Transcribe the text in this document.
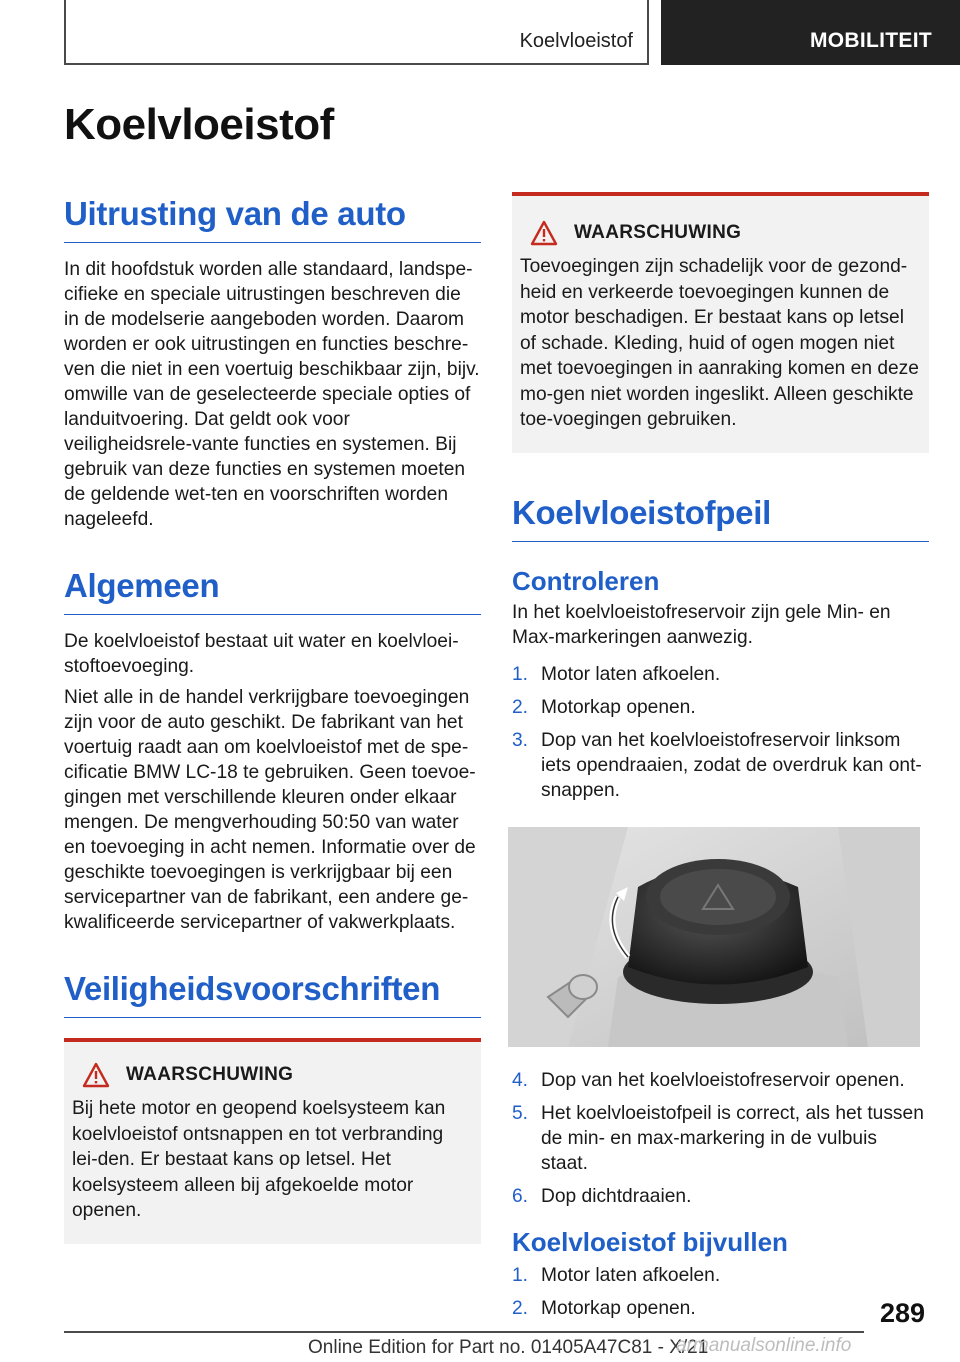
Koelvloeistof	MOBILITEIT
Koelvloeistof
Uitrusting van de auto

In dit hoofdstuk worden alle standaard, landspe-cifieke en speciale uitrustingen beschreven die in de modelserie aangeboden worden. Daarom worden er ook uitrustingen en functies beschre-ven die niet in een voertuig beschikbaar zijn, bijv. omwille van de geselecteerde speciale opties of landuitvoering. Dat geldt ook voor veiligheidsrele-vante functies en systemen. Bij gebruik van deze functies en systemen moeten de geldende wet-ten en voorschriften worden nageleefd.

Algemeen

De koelvloeistof bestaat uit water en koelvloei-stoftoevoeging.

Niet alle in de handel verkrijgbare toevoegingen zijn voor de auto geschikt. De fabrikant van het voertuig raadt aan om koelvloeistof met de spe-cificatie BMW LC-18 te gebruiken. Geen toevoe-gingen met verschillende kleuren onder elkaar mengen. De mengverhouding 50:50 van water en toevoeging in acht nemen. Informatie over de geschikte toevoegingen is verkrijgbaar bij een servicepartner van de fabrikant, een andere ge-kwalificeerde servicepartner of vakwerkplaats.

Veiligheidsvoorschriften
WAARSCHUWING

Bij hete motor en geopend koelsysteem kan koelvloeistof ontsnappen en tot verbranding lei-den. Er bestaat kans op letsel. Het koelsysteem alleen bij afgekoelde motor openen.

WAARSCHUWING

Toevoegingen zijn schadelijk voor de gezond-heid en verkeerde toevoegingen kunnen de motor beschadigen. Er bestaat kans op letsel of schade. Kleding, huid of ogen mogen niet met toevoegingen in aanraking komen en deze mo-gen niet worden ingeslikt. Alleen geschikte toe-voegingen gebruiken.

Koelvloeistofpeil
Controleren

In het koelvloeistofreservoir zijn gele Min- en Max-markeringen aanwezig.

1. Motor laten afkoelen.
2. Motorkap openen.
3. Dop van het koelvloeistofreservoir linksom iets opendraaien, zodat de overdruk kan ont-snappen.
4. Dop van het koelvloeistofreservoir openen.
5. Het koelvloeistofpeil is correct, als het tussen de min- en max-markering in de vulbuis staat.
6. Dop dichtdraaien.
Koelvloeistof bijvullen
1. Motor laten afkoelen.
2. Motorkap openen.	289
Online Edition for Part no. 01405A47C81 - X/21
armanualsonline.info
